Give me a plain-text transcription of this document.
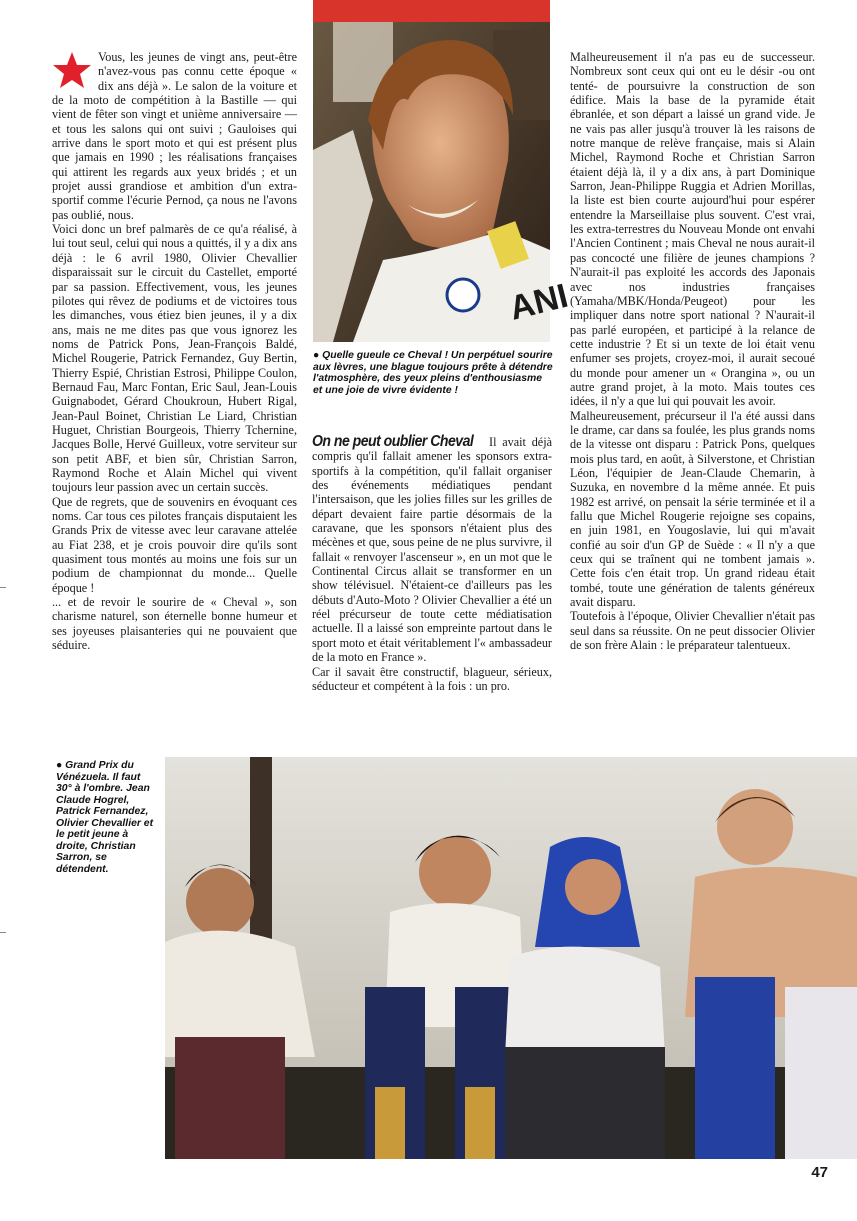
ANI

Vous, les jeunes de vingt ans, peut-être n'avez-vous pas connu cette époque « dix ans déjà ». Le salon de la voiture et de la moto de compétition à la Bastille — qui vient de fêter son vingt et unième anniversaire — et tous les salons qui ont suivi ; Gauloises qui arrive dans le sport moto et qui est présent plus que jamais en 1990 ; les réalisations françaises qui attirent les regards aux yeux bridés ; et un projet aussi grandiose et ambition d'un extra-sportif comme l'écurie Pernod, ça nous ne l'avons pas oublié, nous.

Voici donc un bref palmarès de ce qu'a réalisé, à lui tout seul, celui qui nous a quittés, il y a dix ans déjà : le 6 avril 1980, Olivier Chevallier disparaissait sur le circuit du Castellet, emporté par sa passion. Effectivement, vous, les jeunes pilotes qui rêvez de podiums et de victoires tous les dimanches, vous étiez bien jeunes, il y a dix ans, mais ne me dites pas que vous ignorez les noms de Patrick Pons, Jean-François Baldé, Michel Rougerie, Patrick Fernandez, Guy Bertin, Thierry Espié, Christian Estrosi, Philippe Coulon, Bernaud Fau, Marc Fontan, Eric Saul, Jean-Louis Guignabodet, Gérard Choukroun, Hubert Rigal, Jean-Paul Boinet, Christian Le Liard, Christian Huguet, Christian Bourgeois, Thierry Tchernine, Jacques Bolle, Hervé Guilleux, votre serviteur sur son petit ABF, et bien sûr, Christian Sarron, Raymond Roche et Alain Michel qui vivent toujours leur passion avec un certain succès.

Que de regrets, que de souvenirs en évoquant ces noms. Car tous ces pilotes français disputaient les Grands Prix de vitesse avec leur caravane attelée au Fiat 238, et je crois pouvoir dire qu'ils sont quasiment tous montés au moins une fois sur un podium de championnat du monde... Quelle époque !

... et de revoir le sourire de « Cheval », son charisme naturel, son éternelle bonne humeur et ses joyeuses plaisanteries qui ne pouvaient que séduire.

● Quelle gueule ce Cheval ! Un perpétuel sourire aux lèvres, une blague toujours prête à détendre l'atmosphère, des yeux pleins d'enthousiasme et une joie de vivre évidente !

On ne peut oublier Cheval Il avait déjà compris qu'il fallait amener les sponsors extra-sportifs à la compétition, qu'il fallait organiser des événements médiatiques pendant l'intersaison, que les jolies filles sur les grilles de départ devaient faire partie désormais de la caravane, que les sponsors n'étaient plus des mécènes et que, sous peine de ne plus survivre, il fallait « renvoyer l'ascenseur », en un mot que le Continental Circus allait se transformer en un show télévisuel. N'étaient-ce d'ailleurs pas les débuts d'Auto-Moto ? Olivier Chevallier a été un réel précurseur de toute cette médiatisation actuelle. Il a laissé son empreinte partout dans le sport moto et était véritablement l'« ambassadeur de la moto en France ».

Car il savait être constructif, blagueur, sérieux, séducteur et compétent à la fois : un pro.

Malheureusement il n'a pas eu de successeur. Nombreux sont ceux qui ont eu le désir -ou ont tenté- de poursuivre la construction de son édifice. Mais la base de la pyramide était ébranlée, et son départ a laissé un grand vide. Je ne vais pas aller jusqu'à trouver là les raisons de notre manque de relève française, mais si Alain Michel, Raymond Roche et Christian Sarron étaient déjà là, il y a dix ans, à part Dominique Sarron, Jean-Philippe Ruggia et Adrien Morillas, la liste est bien courte aujourd'hui pour espérer entendre la Marseillaise plus souvent. C'est vrai, les extra-terrestres du Nouveau Monde ont envahi l'Ancien Continent ; mais Cheval ne nous aurait-il pas concocté une filière de jeunes champions ? N'aurait-il pas exploité les accords des Japonais avec nos industries françaises (Yamaha/MBK/Honda/Peugeot) pour les impliquer dans notre sport national ? N'aurait-il pas parlé européen, et participé à la relance de cette industrie ? Et si un texte de loi était venu enfumer ses projets, croyez-moi, il aurait secoué du monde pour amener un « Orangina », ou un autre grand projet, à la moto. Mais toutes ces idées, il n'y a que lui qui pouvait les avoir.

Malheureusement, précurseur il l'a été aussi dans le drame, car dans sa foulée, les plus grands noms de la vitesse ont disparu : Patrick Pons, quelques mois plus tard, en août, à Silverstone, et Christian Léon, l'équipier de Jean-Claude Chemarin, à Suzuka, en novembre d la même année. Et puis 1982 est arrivé, on pensait la série terminée et il a fallu que Michel Rougerie rejoigne ses copains, en juin 1981, en Yougoslavie, lui qui m'avait confié au soir d'un GP de Suède : « Il n'y a que ceux qui se traînent qui ne tombent jamais ». Cette fois c'en était trop. Un grand rideau était tombé, toute une génération de talents généreux avait disparu.

Toutefois à l'époque, Olivier Chevallier n'était pas seul dans sa réussite. On ne peut dissocier Olivier de son frère Alain : le préparateur talentueux.

● Grand Prix du Vénézuela. Il faut 30° à l'ombre. Jean Claude Hogrel, Patrick Fernandez, Olivier Chevallier et le petit jeune à droite, Christian Sarron, se détendent.
47
